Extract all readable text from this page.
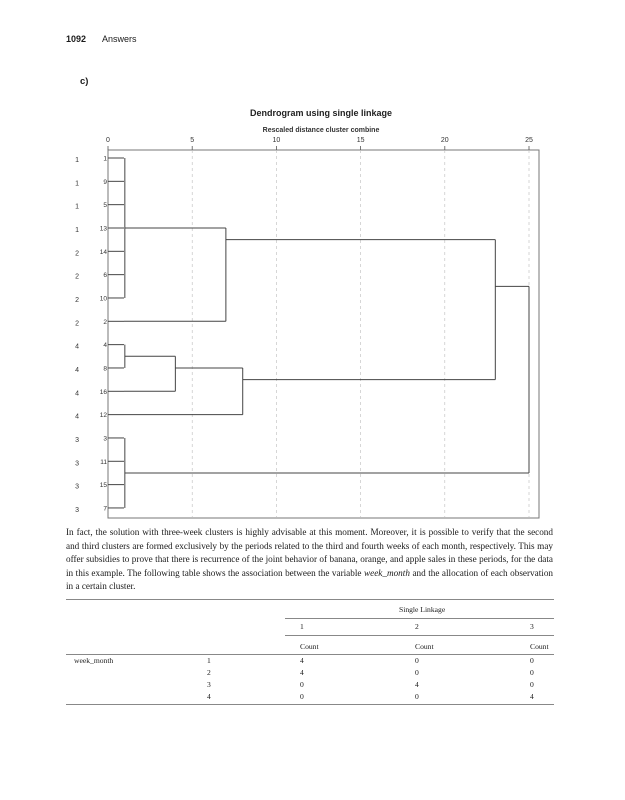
1092 Answers
c)
Dendrogram using single linkage
Rescaled distance cluster combine
0	5	10	15	20	25
1	1
1	9
1	5
1	13
2	14
2	6
2	10
2	2
4	4
4	8
4	16
4	12
3	3
3	11
3	15
3	7

In fact, the solution with three-week clusters is highly advisable at this moment. Moreover, it is possible to verify that the second and third clusters are formed exclusively by the periods related to the third and fourth weeks of each month, respectively. This may offer subsidies to prove that there is recurrence of the joint behavior of banana, orange, and apple sales in these periods, for the data in this example. The following table shows the association between the variable week_month and the allocation of each observation in a certain cluster.

Single Linkage
1	2	3
Count	Count	Count
week_month	1	4	0	0
2	4	0	0
3	0	4	0
4	0	0	4
